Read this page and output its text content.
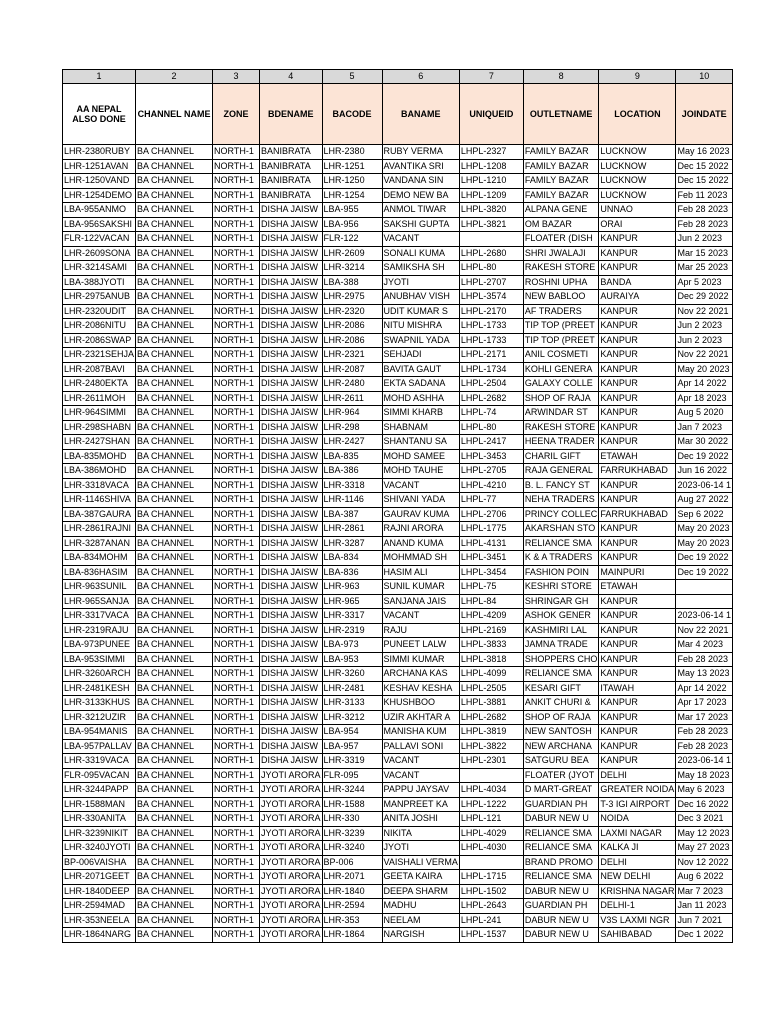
1	2	3	4	5	6	7	8	9	10
AA NEPAL ALSO DONE	CHANNEL NAME	ZONE	BDENAME	BACODE	BANAME	UNIQUEID	OUTLETNAME	LOCATION	JOINDATE
LHR-2380RUBY	BA CHANNEL	NORTH-1	BANIBRATA	LHR-2380	RUBY VERMA	LHPL-2327	FAMILY BAZAR	LUCKNOW	May 16 2023
LHR-1251AVAN	BA CHANNEL	NORTH-1	BANIBRATA	LHR-1251	AVANTIKA SRI	LHPL-1208	FAMILY BAZAR	LUCKNOW	Dec 15 2022
LHR-1250VAND	BA CHANNEL	NORTH-1	BANIBRATA	LHR-1250	VANDANA SIN	LHPL-1210	FAMILY BAZAR	LUCKNOW	Dec 15 2022
LHR-1254DEMO	BA CHANNEL	NORTH-1	BANIBRATA	LHR-1254	DEMO NEW BA	LHPL-1209	FAMILY BAZAR	LUCKNOW	Feb 11 2023
LBA-955ANMO	BA CHANNEL	NORTH-1	DISHA JAISW	LBA-955	ANMOL TIWAR	LHPL-3820	ALPANA GENE	UNNAO	Feb 28 2023
LBA-956SAKSHI	BA CHANNEL	NORTH-1	DISHA JAISW	LBA-956	SAKSHI GUPTA	LHPL-3821	OM BAZAR	ORAI	Feb 28 2023
FLR-122VACAN	BA CHANNEL	NORTH-1	DISHA JAISW	FLR-122	VACANT		FLOATER (DISH	KANPUR	Jun 2 2023
LHR-2609SONA	BA CHANNEL	NORTH-1	DISHA JAISW	LHR-2609	SONALI KUMA	LHPL-2680	SHRI JWALAJI	KANPUR	Mar 15 2023
LHR-3214SAMI	BA CHANNEL	NORTH-1	DISHA JAISW	LHR-3214	SAMIKSHA SH	LHPL-80	RAKESH STORE	KANPUR	Mar 25 2023
LBA-388JYOTI	BA CHANNEL	NORTH-1	DISHA JAISW	LBA-388	JYOTI	LHPL-2707	ROSHNI UPHA	BANDA	Apr 5 2023
LHR-2975ANUB	BA CHANNEL	NORTH-1	DISHA JAISW	LHR-2975	ANUBHAV VISH	LHPL-3574	NEW BABLOO	AURAIYA	Dec 29 2022
LHR-2320UDIT	BA CHANNEL	NORTH-1	DISHA JAISW	LHR-2320	UDIT KUMAR S	LHPL-2170	AF TRADERS	KANPUR	Nov 22 2021
LHR-2086NITU	BA CHANNEL	NORTH-1	DISHA JAISW	LHR-2086	NITU MISHRA	LHPL-1733	TIP TOP (PREET	KANPUR	Jun 2 2023
LHR-2086SWAP	BA CHANNEL	NORTH-1	DISHA JAISW	LHR-2086	SWAPNIL YADA	LHPL-1733	TIP TOP (PREET	KANPUR	Jun 2 2023
LHR-2321SEHJA	BA CHANNEL	NORTH-1	DISHA JAISW	LHR-2321	SEHJADI	LHPL-2171	ANIL COSMETI	KANPUR	Nov 22 2021
LHR-2087BAVI	BA CHANNEL	NORTH-1	DISHA JAISW	LHR-2087	BAVITA GAUT	LHPL-1734	KOHLI GENERA	KANPUR	May 20 2023
LHR-2480EKTA	BA CHANNEL	NORTH-1	DISHA JAISW	LHR-2480	EKTA SADANA	LHPL-2504	GALAXY COLLE	KANPUR	Apr 14 2022
LHR-2611MOH	BA CHANNEL	NORTH-1	DISHA JAISW	LHR-2611	MOHD ASHHA	LHPL-2682	SHOP OF RAJA	KANPUR	Apr 18 2023
LHR-964SIMMI	BA CHANNEL	NORTH-1	DISHA JAISW	LHR-964	SIMMI KHARB	LHPL-74	ARWINDAR ST	KANPUR	Aug 5 2020
LHR-298SHABN	BA CHANNEL	NORTH-1	DISHA JAISW	LHR-298	SHABNAM	LHPL-80	RAKESH STORE	KANPUR	Jan 7 2023
LHR-2427SHAN	BA CHANNEL	NORTH-1	DISHA JAISW	LHR-2427	SHANTANU SA	LHPL-2417	HEENA TRADER	KANPUR	Mar 30 2022
LBA-835MOHD	BA CHANNEL	NORTH-1	DISHA JAISW	LBA-835	MOHD SAMEE	LHPL-3453	CHARIL GIFT	ETAWAH	Dec 19 2022
LBA-386MOHD	BA CHANNEL	NORTH-1	DISHA JAISW	LBA-386	MOHD TAUHE	LHPL-2705	RAJA GENERAL	FARRUKHABAD	Jun 16 2022
LHR-3318VACA	BA CHANNEL	NORTH-1	DISHA JAISW	LHR-3318	VACANT	LHPL-4210	B. L. FANCY ST	KANPUR	2023-06-14 1
LHR-1146SHIVA	BA CHANNEL	NORTH-1	DISHA JAISW	LHR-1146	SHIVANI YADA	LHPL-77	NEHA TRADERS	KANPUR	Aug 27 2022
LBA-387GAURA	BA CHANNEL	NORTH-1	DISHA JAISW	LBA-387	GAURAV KUMA	LHPL-2706	PRINCY COLLEC	FARRUKHABAD	Sep 6 2022
LHR-2861RAJNI	BA CHANNEL	NORTH-1	DISHA JAISW	LHR-2861	RAJNI ARORA	LHPL-1775	AKARSHAN STO	KANPUR	May 20 2023
LHR-3287ANAN	BA CHANNEL	NORTH-1	DISHA JAISW	LHR-3287	ANAND KUMA	LHPL-4131	RELIANCE SMA	KANPUR	May 20 2023
LBA-834MOHM	BA CHANNEL	NORTH-1	DISHA JAISW	LBA-834	MOHMMAD SH	LHPL-3451	K & A TRADERS	KANPUR	Dec 19 2022
LBA-836HASIM	BA CHANNEL	NORTH-1	DISHA JAISW	LBA-836	HASIM ALI	LHPL-3454	FASHION POIN	MAINPURI	Dec 19 2022
LHR-963SUNIL	BA CHANNEL	NORTH-1	DISHA JAISW	LHR-963	SUNIL KUMAR	LHPL-75	KESHRI STORE	ETAWAH	
LHR-965SANJA	BA CHANNEL	NORTH-1	DISHA JAISW	LHR-965	SANJANA JAIS	LHPL-84	SHRINGAR GH	KANPUR	
LHR-3317VACA	BA CHANNEL	NORTH-1	DISHA JAISW	LHR-3317	VACANT	LHPL-4209	ASHOK GENER	KANPUR	2023-06-14 1
LHR-2319RAJU	BA CHANNEL	NORTH-1	DISHA JAISW	LHR-2319	RAJU	LHPL-2169	KASHMIRI LAL	KANPUR	Nov 22 2021
LBA-973PUNEE	BA CHANNEL	NORTH-1	DISHA JAISW	LBA-973	PUNEET LALW	LHPL-3833	JAMNA TRADE	KANPUR	Mar 4 2023
LBA-953SIMMI	BA CHANNEL	NORTH-1	DISHA JAISW	LBA-953	SIMMI KUMAR	LHPL-3818	SHOPPERS CHO	KANPUR	Feb 28 2023
LHR-3260ARCH	BA CHANNEL	NORTH-1	DISHA JAISW	LHR-3260	ARCHANA KAS	LHPL-4099	RELIANCE SMA	KANPUR	May 13 2023
LHR-2481KESH	BA CHANNEL	NORTH-1	DISHA JAISW	LHR-2481	KESHAV KESHA	LHPL-2505	KESARI GIFT	ITAWAH	Apr 14 2022
LHR-3133KHUS	BA CHANNEL	NORTH-1	DISHA JAISW	LHR-3133	KHUSHBOO	LHPL-3881	ANKIT CHURI &	KANPUR	Apr 17 2023
LHR-3212UZIR	BA CHANNEL	NORTH-1	DISHA JAISW	LHR-3212	UZIR AKHTAR A	LHPL-2682	SHOP OF RAJA	KANPUR	Mar 17 2023
LBA-954MANIS	BA CHANNEL	NORTH-1	DISHA JAISW	LBA-954	MANISHA KUM	LHPL-3819	NEW SANTOSH	KANPUR	Feb 28 2023
LBA-957PALLAV	BA CHANNEL	NORTH-1	DISHA JAISW	LBA-957	PALLAVI SONI	LHPL-3822	NEW ARCHANA	KANPUR	Feb 28 2023
LHR-3319VACA	BA CHANNEL	NORTH-1	DISHA JAISW	LHR-3319	VACANT	LHPL-2301	SATGURU BEA	KANPUR	2023-06-14 1
FLR-095VACAN	BA CHANNEL	NORTH-1	JYOTI ARORA	FLR-095	VACANT		FLOATER (JYOT	DELHI	May 18 2023
LHR-3244PAPP	BA CHANNEL	NORTH-1	JYOTI ARORA	LHR-3244	PAPPU JAYSAV	LHPL-4034	D MART-GREAT	GREATER NOIDA	May 6 2023
LHR-1588MAN	BA CHANNEL	NORTH-1	JYOTI ARORA	LHR-1588	MANPREET KA	LHPL-1222	GUARDIAN PH	T-3 IGI AIRPORT	Dec 16 2022
LHR-330ANITA	BA CHANNEL	NORTH-1	JYOTI ARORA	LHR-330	ANITA JOSHI	LHPL-121	DABUR NEW U	NOIDA	Dec 3 2021
LHR-3239NIKIT	BA CHANNEL	NORTH-1	JYOTI ARORA	LHR-3239	NIKITA	LHPL-4029	RELIANCE SMA	LAXMI NAGAR	May 12 2023
LHR-3240JYOTI	BA CHANNEL	NORTH-1	JYOTI ARORA	LHR-3240	JYOTI	LHPL-4030	RELIANCE SMA	KALKA JI	May 27 2023
BP-006VAISHA	BA CHANNEL	NORTH-1	JYOTI ARORA	BP-006	VAISHALI VERMA		BRAND PROMO	DELHI	Nov 12 2022
LHR-2071GEET	BA CHANNEL	NORTH-1	JYOTI ARORA	LHR-2071	GEETA KAIRA	LHPL-1715	RELIANCE SMA	NEW DELHI	Aug 6 2022
LHR-1840DEEP	BA CHANNEL	NORTH-1	JYOTI ARORA	LHR-1840	DEEPA SHARM	LHPL-1502	DABUR NEW U	KRISHNA NAGAR	Mar 7 2023
LHR-2594MAD	BA CHANNEL	NORTH-1	JYOTI ARORA	LHR-2594	MADHU	LHPL-2643	GUARDIAN PH	DELHI-1	Jan 11 2023
LHR-353NEELA	BA CHANNEL	NORTH-1	JYOTI ARORA	LHR-353	NEELAM	LHPL-241	DABUR NEW U	V3S LAXMI NGR	Jun 7 2021
LHR-1864NARG	BA CHANNEL	NORTH-1	JYOTI ARORA	LHR-1864	NARGISH	LHPL-1537	DABUR NEW U	SAHIBABAD	Dec 1 2022
